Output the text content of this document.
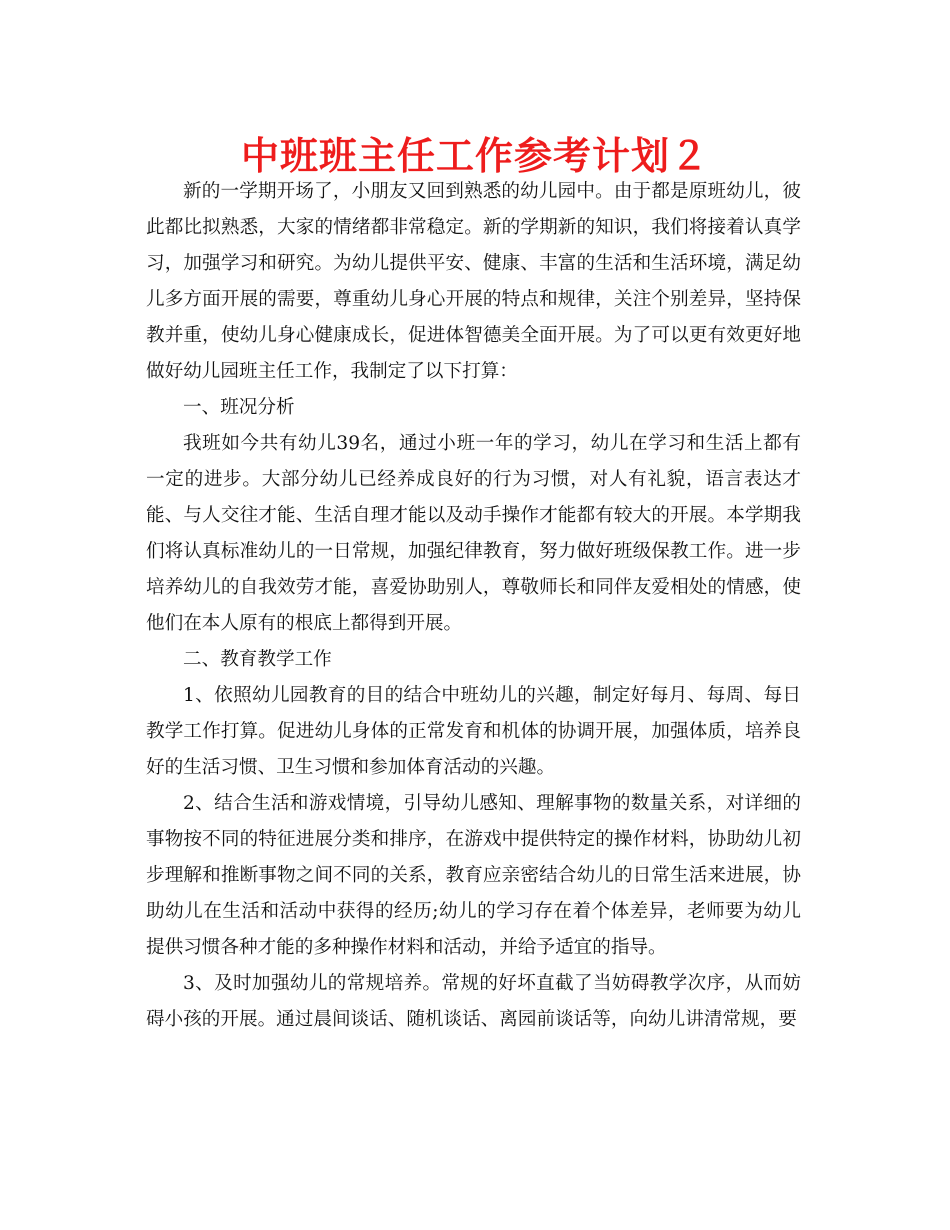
中班班主任工作参考计划２

新的一学期开场了，小朋友又回到熟悉的幼儿园中。由于都是原班幼儿，彼此都比拟熟悉，大家的情绪都非常稳定。新的学期新的知识，我们将接着认真学习，加强学习和研究。为幼儿提供平安、健康、丰富的生活和生活环境，满足幼儿多方面开展的需要，尊重幼儿身心开展的特点和规律，关注个别差异，坚持保教并重，使幼儿身心健康成长，促进体智德美全面开展。为了可以更有效更好地做好幼儿园班主任工作，我制定了以下打算：

一、班况分析

我班如今共有幼儿39名，通过小班一年的学习，幼儿在学习和生活上都有一定的进步。大部分幼儿已经养成良好的行为习惯，对人有礼貌，语言表达才能、与人交往才能、生活自理才能以及动手操作才能都有较大的开展。本学期我们将认真标准幼儿的一日常规，加强纪律教育，努力做好班级保教工作。进一步培养幼儿的自我效劳才能，喜爱协助别人，尊敬师长和同伴友爱相处的情感，使他们在本人原有的根底上都得到开展。

二、教育教学工作

1、依照幼儿园教育的目的结合中班幼儿的兴趣，制定好每月、每周、每日教学工作打算。促进幼儿身体的正常发育和机体的协调开展，加强体质，培养良好的生活习惯、卫生习惯和参加体育活动的兴趣。

2、结合生活和游戏情境，引导幼儿感知、理解事物的数量关系，对详细的事物按不同的特征进展分类和排序，在游戏中提供特定的操作材料，协助幼儿初步理解和推断事物之间不同的关系，教育应亲密结合幼儿的日常生活来进展，协助幼儿在生活和活动中获得的经历;幼儿的学习存在着个体差异，老师要为幼儿提供习惯各种才能的多种操作材料和活动，并给予适宜的指导。

3、及时加强幼儿的常规培养。常规的好坏直截了当妨碍教学次序，从而妨碍小孩的开展。通过晨间谈话、随机谈话、离园前谈话等，向幼儿讲清常规，要
